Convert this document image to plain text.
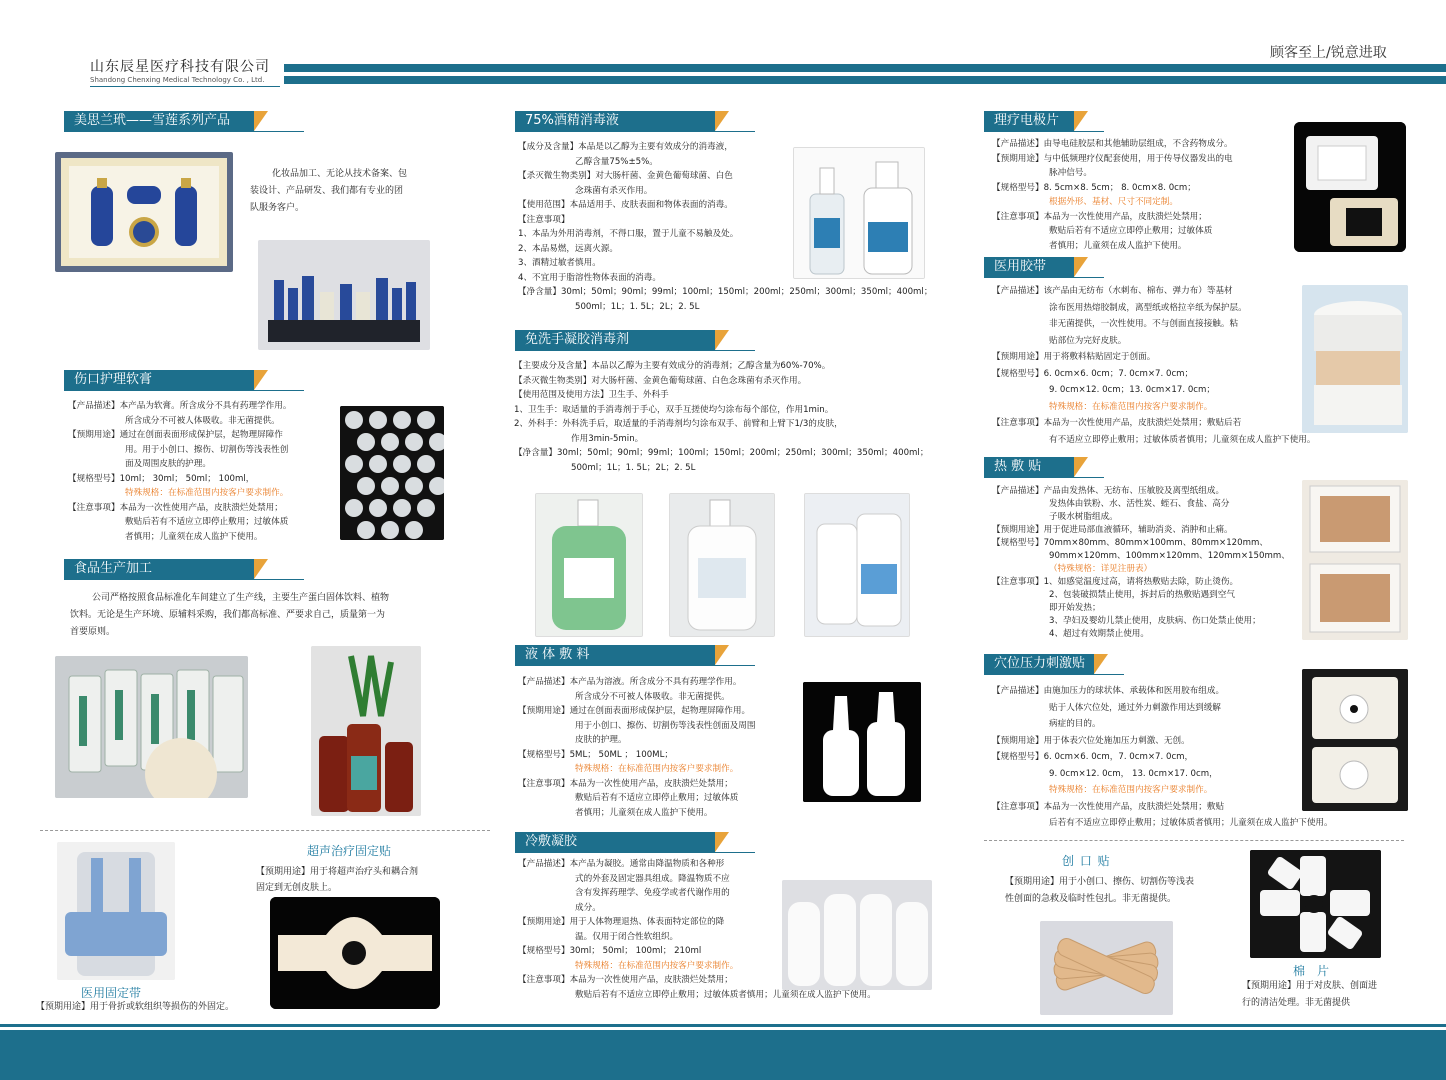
山东辰星医疗科技有限公司
Shandong Chenxing Medical Technology Co. , Ltd.
顾客至上/锐意进取
美思兰玳——雪莲系列产品
化妆品加工、无论从技术备案、包
装设计、产品研发、我们都有专业的团
队服务客户。
伤口护理软膏
【产品描述】本产品为软膏。所含成分不具有药理学作用。
所含成分不可被人体吸收。非无菌提供。
【预期用途】通过在创面表面形成保护层，起物理屏障作
用。用于小创口、擦伤、切割伤等浅表性创
面及周围皮肤的护理。
【规格型号】10ml； 30ml； 50ml； 100ml，
特殊规格：在标准范围内按客户要求制作。
【注意事项】本品为一次性使用产品，皮肤溃烂处禁用；
敷贴后若有不适应立即停止敷用；过敏体质
者慎用；儿童须在成人监护下使用。
食品生产加工
公司严格按照食品标准化车间建立了生产线，主要生产蛋白固体饮料、植物
饮料。无论是生产环境、原辅料采购，我们都高标准、严要求自己，质量第一为
首要原则。
超声治疗固定贴
【预期用途】用于将超声治疗头和耦合剂
固定到无创皮肤上。
医用固定带
【预期用途】用于骨折或软组织等损伤的外固定。
75%酒精消毒液
【成分及含量】本品是以乙醇为主要有效成分的消毒液，
乙醇含量75%±5%。
【杀灭微生物类别】对大肠杆菌、金黄色葡萄球菌、白色
念珠菌有杀灭作用。
【使用范围】本品适用手、皮肤表面和物体表面的消毒。
【注意事项】
1、本品为外用消毒剂，不得口服，置于儿童不易触及处。
2、本品易燃，远离火源。
3、酒精过敏者慎用。
4、不宜用于脂溶性物体表面的消毒。
【净含量】30ml；50ml；90ml；99ml；100ml；150ml；200ml；250ml；300ml；350ml；400ml；
500ml；1L；1. 5L；2L；2. 5L
免洗手凝胶消毒剂
【主要成分及含量】本品以乙醇为主要有效成分的消毒剂；乙醇含量为60%-70%。
【杀灭微生物类别】对大肠杆菌、金黄色葡萄球菌、白色念珠菌有杀灭作用。
【使用范围及使用方法】卫生手、外科手
1、卫生手：取适量的手消毒剂于手心，双手互搓使均匀涂布每个部位，作用1min。
2、外科手：外科洗手后，取适量的手消毒剂均匀涂布双手、前臂和上臂下1/3的皮肤，
作用3min-5min。
【净含量】30ml；50ml；90ml；99ml；100ml；150ml；200ml；250ml；300ml；350ml；400ml；
500ml；1L；1. 5L；2L；2. 5L
液 体 敷 料
【产品描述】本产品为溶液。所含成分不具有药理学作用。
所含成分不可被人体吸收。非无菌提供。
【预期用途】通过在创面表面形成保护层，起物理屏障作用。
用于小创口、擦伤、切割伤等浅表性创面及周围
皮肤的护理。
【规格型号】5ML； 50ML ； 100ML；
特殊规格：在标准范围内按客户要求制作。
【注意事项】本品为一次性使用产品，皮肤溃烂处禁用；
敷贴后若有不适应立即停止敷用；过敏体质
者慎用；儿童须在成人监护下使用。
冷敷凝胶
【产品描述】本产品为凝胶。通常由降温物质和各种形
式的外套及固定器具组成。降温物质不应
含有发挥药理学、免疫学或者代谢作用的
成分。
【预期用途】用于人体物理退热、体表面特定部位的降
温。仅用于闭合性软组织。
【规格型号】30ml； 50ml； 100ml； 210ml
特殊规格：在标准范围内按客户要求制作。
【注意事项】本品为一次性使用产品，皮肤溃烂处禁用；
敷贴后若有不适应立即停止敷用；过敏体质者慎用；儿童须在成人监护下使用。
理疗电极片
【产品描述】由导电硅胶层和其他辅助层组成，不含药物成分。
【预期用途】与中低频理疗仪配套使用，用于传导仪器发出的电
脉冲信号。
【规格型号】8. 5cm×8. 5cm； 8. 0cm×8. 0cm；
根据外形、基材、尺寸不同定制。
【注意事项】本品为一次性使用产品，皮肤溃烂处禁用；
敷贴后若有不适应立即停止敷用；过敏体质
者慎用；儿童须在成人监护下使用。
医用胶带
【产品描述】该产品由无纺布（水刺布、棉布、弹力布）等基材
涂布医用热熔胶制成，离型纸或格拉辛纸为保护层。
非无菌提供，一次性使用。不与创面直接接触。粘
贴部位为完好皮肤。
【预期用途】用于将敷料粘贴固定于创面。
【规格型号】6. 0cm×6. 0cm；7. 0cm×7. 0cm；
9. 0cm×12. 0cm；13. 0cm×17. 0cm；
特殊规格：在标准范围内按客户要求制作。
【注意事项】本品为一次性使用产品，皮肤溃烂处禁用；敷贴后若
有不适应立即停止敷用；过敏体质者慎用；儿童须在成人监护下使用。
热 敷 贴
【产品描述】产品由发热体、无纺布、压敏胶及离型纸组成。
发热体由铁粉、水、活性炭、蛭石、食盐、高分
子吸水树脂组成。
【预期用途】用于促进局部血液循环，辅助消炎、消肿和止痛。
【规格型号】70mm×80mm、80mm×100mm、80mm×120mm、
90mm×120mm、100mm×120mm、120mm×150mm、
（特殊规格：详见注册表）
【注意事项】1、如感觉温度过高，请将热敷贴去除，防止烫伤。
2、包装破损禁止使用，拆封后的热敷贴遇到空气
即开始发热；
3、孕妇及婴幼儿禁止使用，皮肤病、伤口处禁止使用；
4、超过有效期禁止使用。
穴位压力刺激贴
【产品描述】由施加压力的球状体、承载体和医用胶布组成。
贴于人体穴位处，通过外力刺激作用达到缓解
病症的目的。
【预期用途】用于体表穴位处施加压力刺激、无创。
【规格型号】6. 0cm×6. 0cm，7. 0cm×7. 0cm，
9. 0cm×12. 0cm， 13. 0cm×17. 0cm，
特殊规格：在标准范围内按客户要求制作。
【注意事项】本品为一次性使用产品，皮肤溃烂处禁用；敷贴
后若有不适应立即停止敷用；过敏体质者慎用；儿童须在成人监护下使用。
创 口 贴
【预期用途】用于小创口、擦伤、切割伤等浅表
性创面的急救及临时性包扎。非无菌提供。
棉　片
【预期用途】用于对皮肤、创面进
行的清洁处理。非无菌提供
